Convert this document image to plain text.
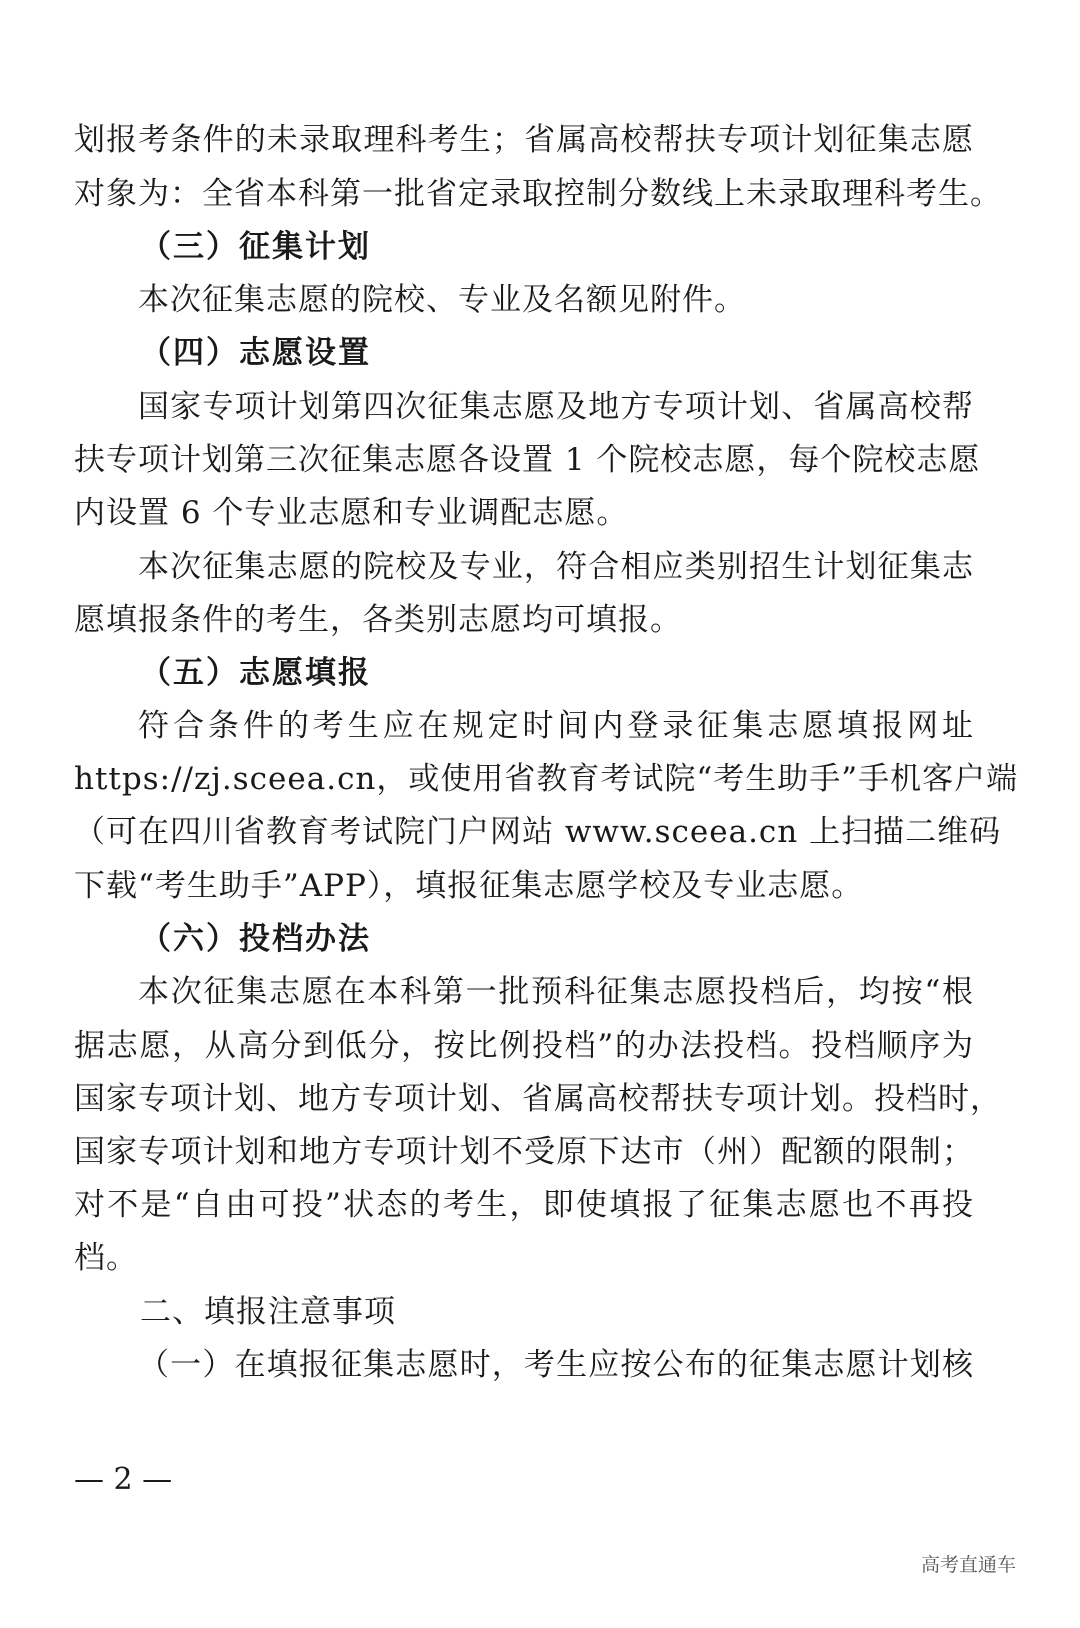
划报考条件的未录取理科考生；省属高校帮扶专项计划征集志愿
对象为：全省本科第一批省定录取控制分数线上未录取理科考生。
（三）征集计划
本次征集志愿的院校、专业及名额见附件。
（四）志愿设置
国家专项计划第四次征集志愿及地方专项计划、省属高校帮
扶专项计划第三次征集志愿各设置 1 个院校志愿，每个院校志愿
内设置 6 个专业志愿和专业调配志愿。
本次征集志愿的院校及专业，符合相应类别招生计划征集志
愿填报条件的考生，各类别志愿均可填报。
（五）志愿填报
符合条件的考生应在规定时间内登录征集志愿填报网址
https://zj.sceea.cn，或使用省教育考试院“考生助手”手机客户端
（可在四川省教育考试院门户网站 www.sceea.cn 上扫描二维码
下载“考生助手”APP），填报征集志愿学校及专业志愿。
（六）投档办法
本次征集志愿在本科第一批预科征集志愿投档后，均按“根
据志愿，从高分到低分，按比例投档”的办法投档。投档顺序为
国家专项计划、地方专项计划、省属高校帮扶专项计划。投档时，
国家专项计划和地方专项计划不受原下达市（州）配额的限制；
对不是“自由可投”状态的考生，即使填报了征集志愿也不再投
档。
二、填报注意事项
（一）在填报征集志愿时，考生应按公布的征集志愿计划核
— 2 —
高考直通车
